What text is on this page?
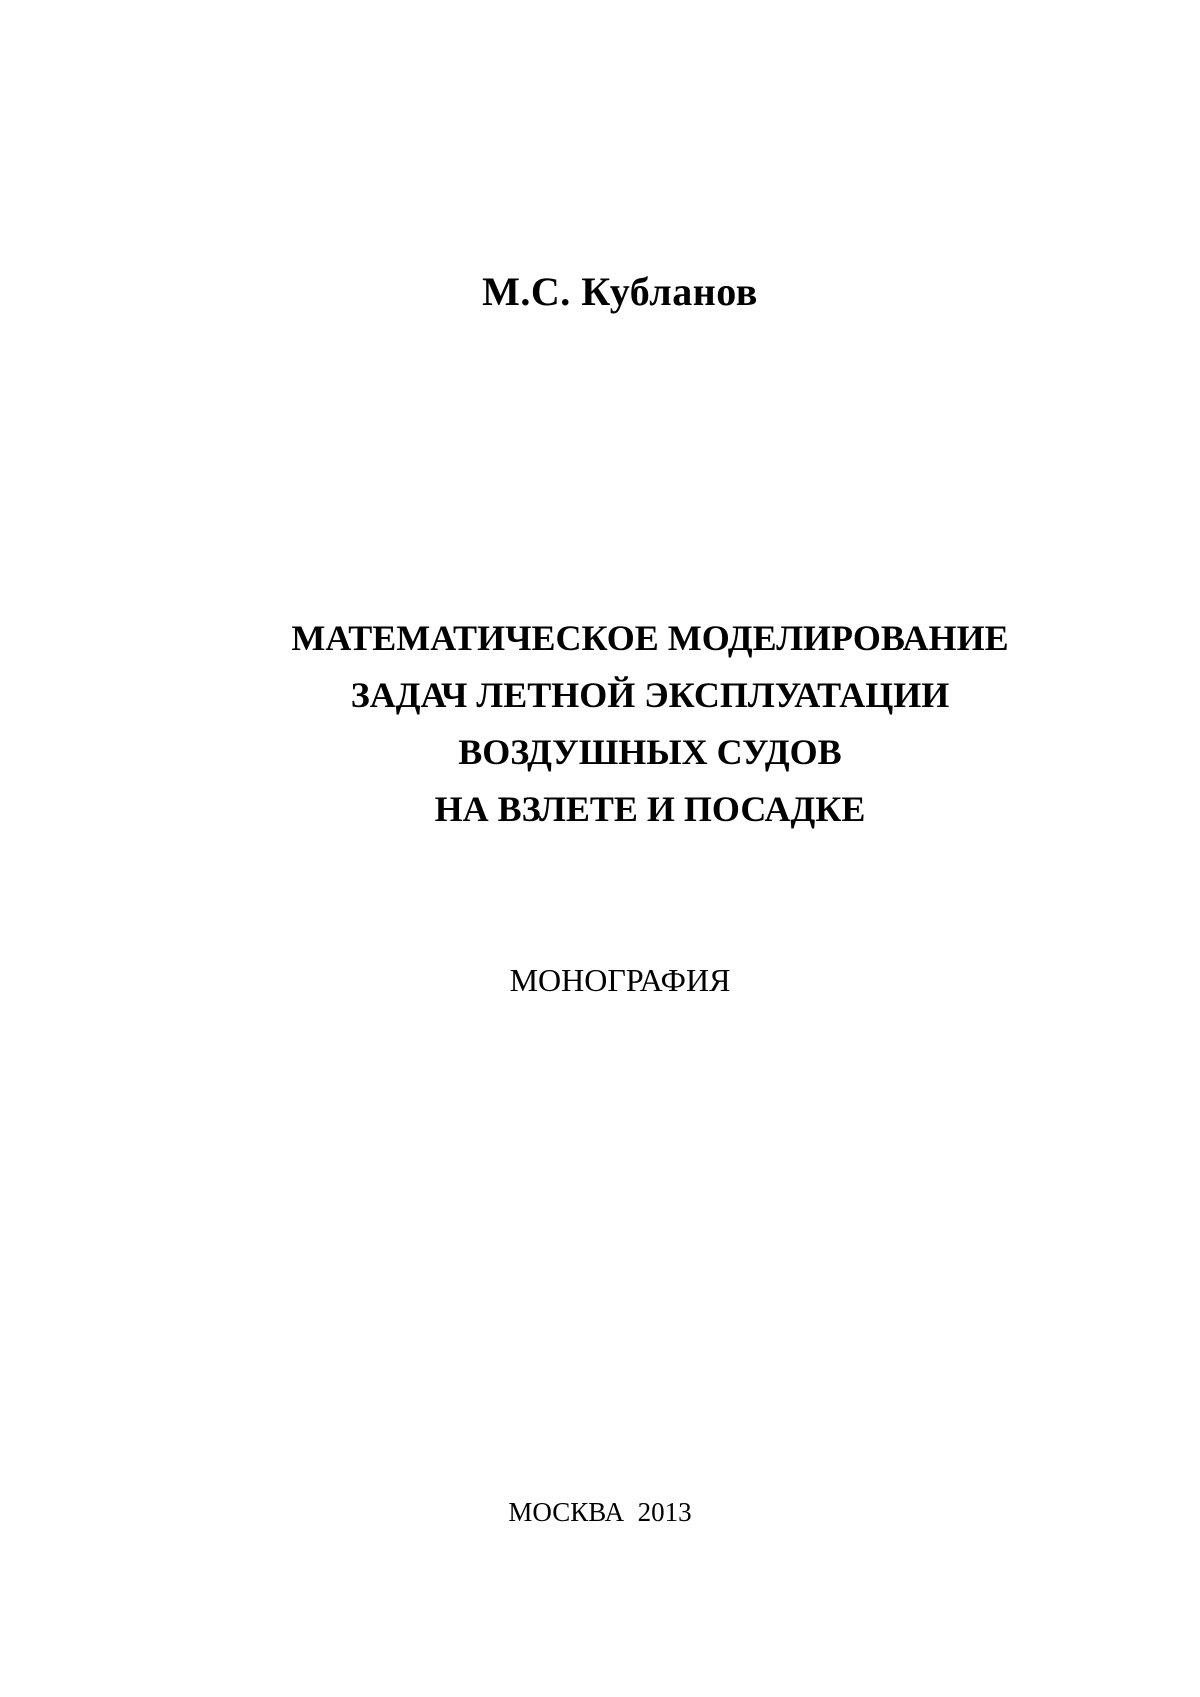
М.С. Кубланов
МАТЕМАТИЧЕСКОЕ МОДЕЛИРОВАНИЕ
ЗАДАЧ ЛЕТНОЙ ЭКСПЛУАТАЦИИ
ВОЗДУШНЫХ СУДОВ
НА ВЗЛЕТЕ И ПОСАДКЕ
МОНОГРАФИЯ
МОСКВА  2013
